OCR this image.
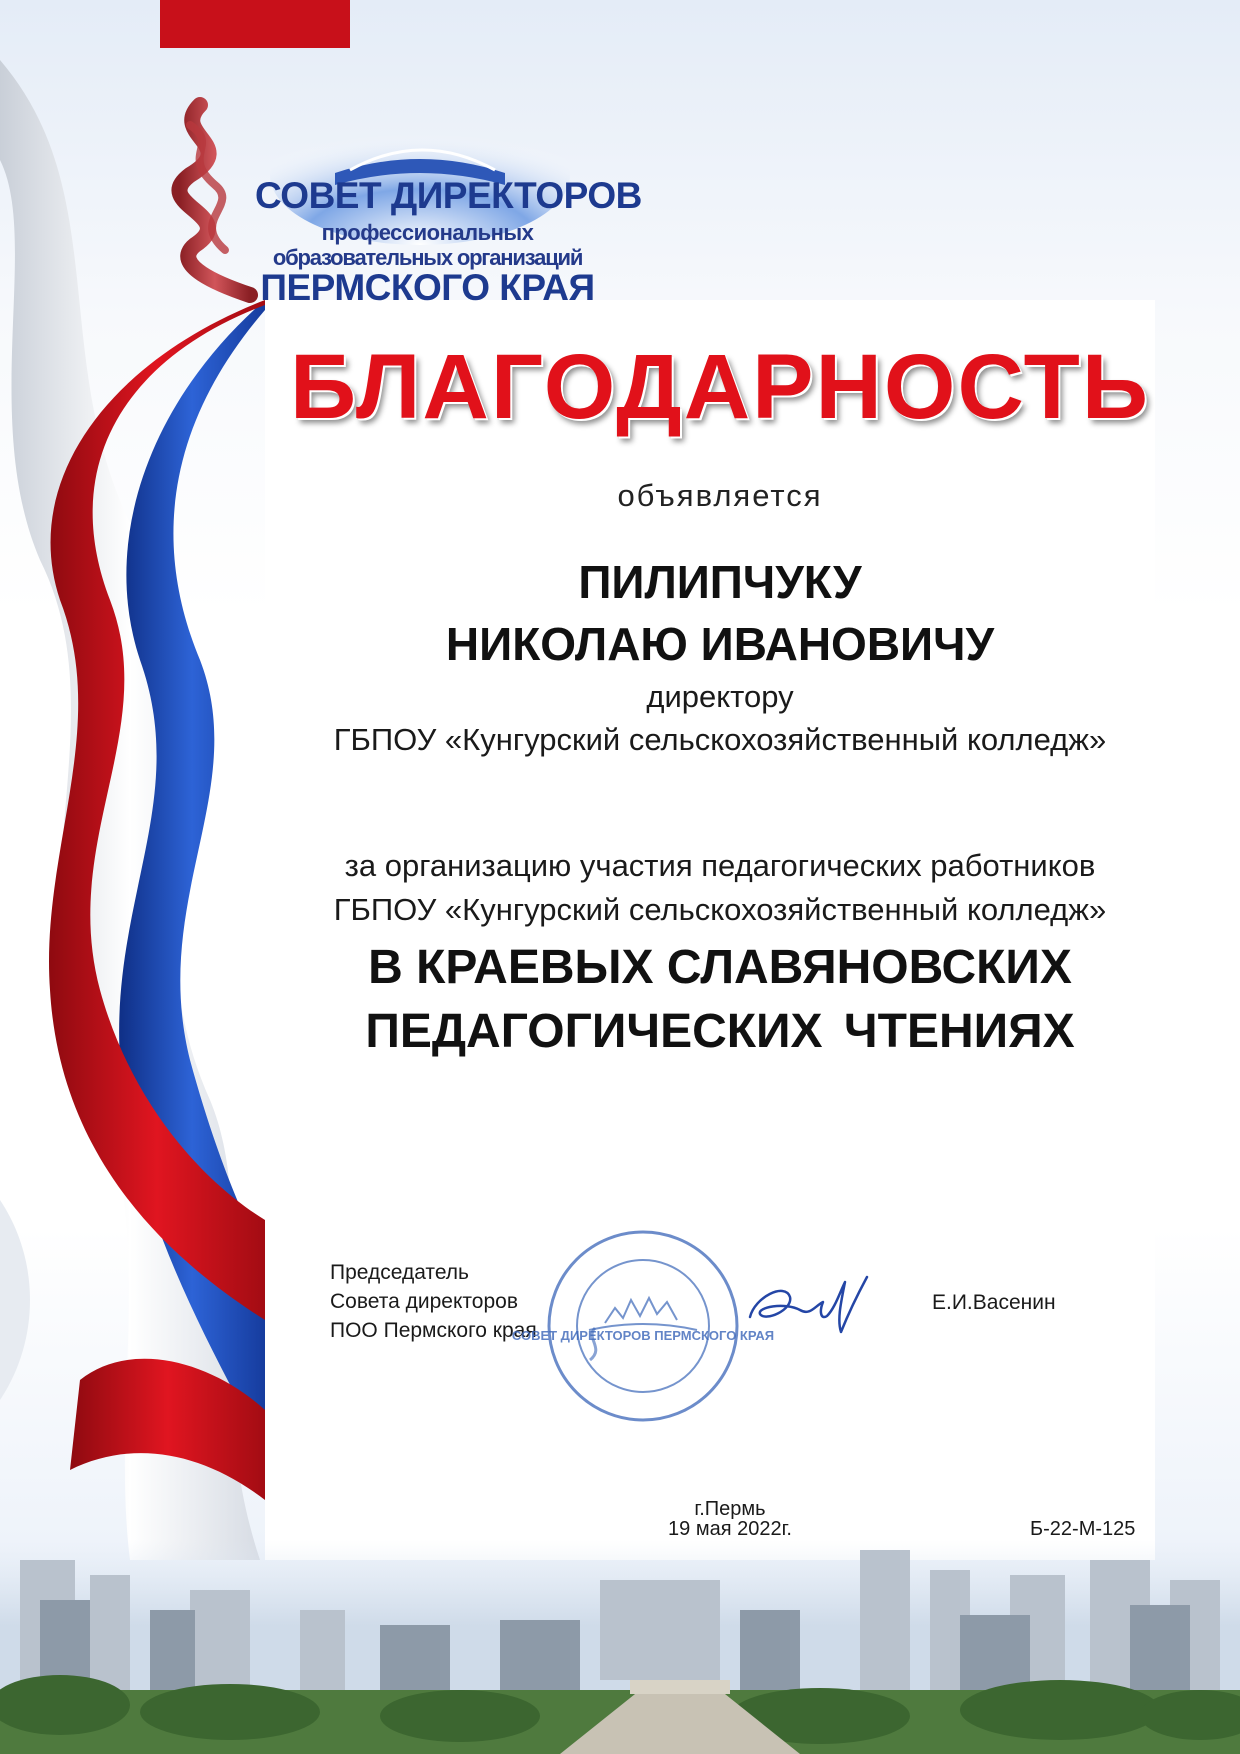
СОВЕТ ДИРЕКТОРОВ
профессиональных
образовательных организаций
ПЕРМСКОГО КРАЯ
БЛАГОДАРНОСТЬ
объявляется
ПИЛИПЧУКУ
НИКОЛАЮ ИВАНОВИЧУ
директору
ГБПОУ «Кунгурский сельскохозяйственный колледж»
за организацию участия педагогических работников
ГБПОУ «Кунгурский сельскохозяйственный колледж»
В КРАЕВЫХ СЛАВЯНОВСКИХ
ПЕДАГОГИЧЕСКИХ ЧТЕНИЯХ
Председатель
Совета директоров
ПОО Пермского края
СОВЕТ ДИРЕКТОРОВ ПЕРМСКОГО КРАЯ
Е.И.Васенин
г.Пермь
19 мая 2022г.	Б-22-М-125
